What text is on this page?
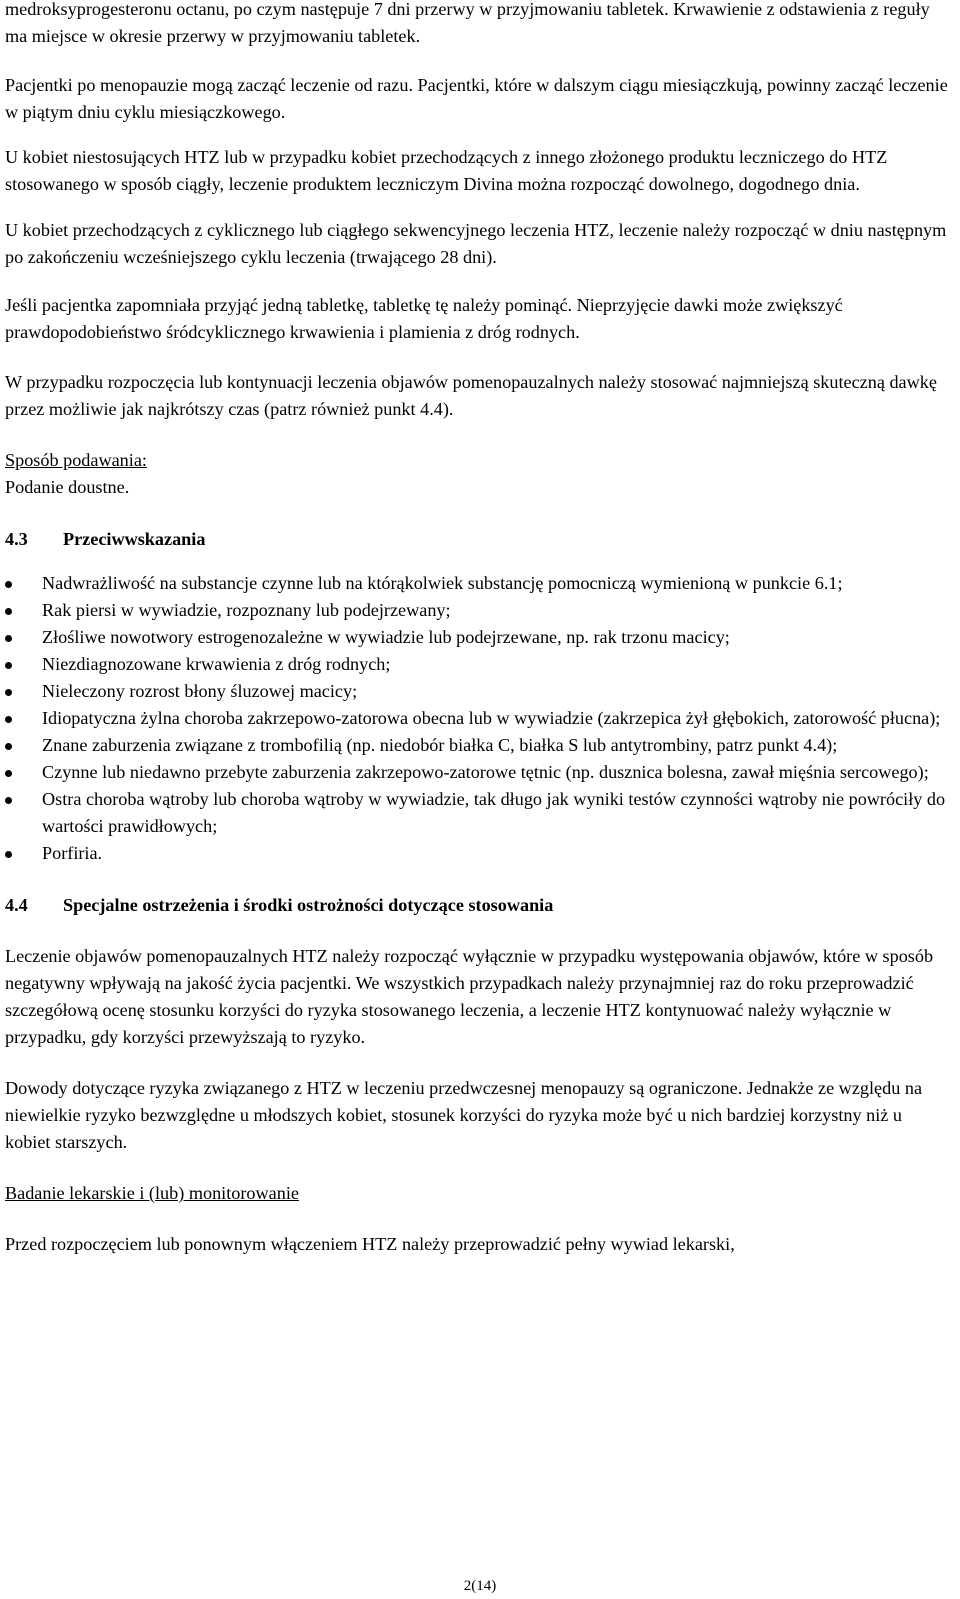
medroksyprogesteronu octanu, po czym następuje 7 dni przerwy w przyjmowaniu tabletek. Krwawienie z odstawienia z reguły ma miejsce w okresie przerwy w przyjmowaniu tabletek.

Pacjentki po menopauzie mogą zacząć leczenie od razu. Pacjentki, które w dalszym ciągu miesiączkują, powinny zacząć leczenie w piątym dniu cyklu miesiączkowego.

U kobiet niestosujących HTZ lub w przypadku kobiet przechodzących z innego złożonego produktu leczniczego do HTZ stosowanego w sposób ciągły, leczenie produktem leczniczym Divina można rozpocząć dowolnego, dogodnego dnia.

U kobiet przechodzących z cyklicznego lub ciągłego sekwencyjnego leczenia HTZ, leczenie należy rozpocząć w dniu następnym po zakończeniu wcześniejszego cyklu leczenia (trwającego 28 dni).

Jeśli pacjentka zapomniała przyjąć jedną tabletkę, tabletkę tę należy pominąć. Nieprzyjęcie dawki może zwiększyć prawdopodobieństwo śródcyklicznego krwawienia i plamienia z dróg rodnych.

W przypadku rozpoczęcia lub kontynuacji leczenia objawów pomenopauzalnych należy stosować najmniejszą skuteczną dawkę przez możliwie jak najkrótszy czas (patrz również punkt 4.4).

Sposób podawania:

Podanie doustne.

4.3	Przeciwwskazania
Nadwrażliwość na substancje czynne lub na którąkolwiek substancję pomocniczą wymienioną w punkcie 6.1;
Rak piersi w wywiadzie, rozpoznany lub podejrzewany;
Złośliwe nowotwory estrogenozależne w wywiadzie lub podejrzewane, np. rak trzonu macicy;
Niezdiagnozowane krwawienia z dróg rodnych;
Nieleczony rozrost błony śluzowej macicy;
Idiopatyczna żylna choroba zakrzepowo-zatorowa obecna lub w wywiadzie (zakrzepica żył głębokich, zatorowość płucna);
Znane zaburzenia związane z trombofilią (np. niedobór białka C, białka S lub antytrombiny, patrz punkt 4.4);
Czynne lub niedawno przebyte zaburzenia zakrzepowo-zatorowe tętnic (np. dusznica bolesna, zawał mięśnia sercowego);
Ostra choroba wątroby lub choroba wątroby w wywiadzie, tak długo jak wyniki testów czynności wątroby nie powróciły do wartości prawidłowych;
Porfiria.
4.4	Specjalne ostrzeżenia i środki ostrożności dotyczące stosowania

Leczenie objawów pomenopauzalnych HTZ należy rozpocząć wyłącznie w przypadku występowania objawów, które w sposób negatywny wpływają na jakość życia pacjentki. We wszystkich przypadkach należy przynajmniej raz do roku przeprowadzić szczegółową ocenę stosunku korzyści do ryzyka stosowanego leczenia, a leczenie HTZ kontynuować należy wyłącznie w przypadku, gdy korzyści przewyższają to ryzyko.

Dowody dotyczące ryzyka związanego z HTZ w leczeniu przedwczesnej menopauzy są ograniczone. Jednakże ze względu na niewielkie ryzyko bezwzględne u młodszych kobiet, stosunek korzyści do ryzyka może być u nich bardziej korzystny niż u kobiet starszych.

Badanie lekarskie i (lub) monitorowanie

Przed rozpoczęciem lub ponownym włączeniem HTZ należy przeprowadzić pełny wywiad lekarski,

2(14)
